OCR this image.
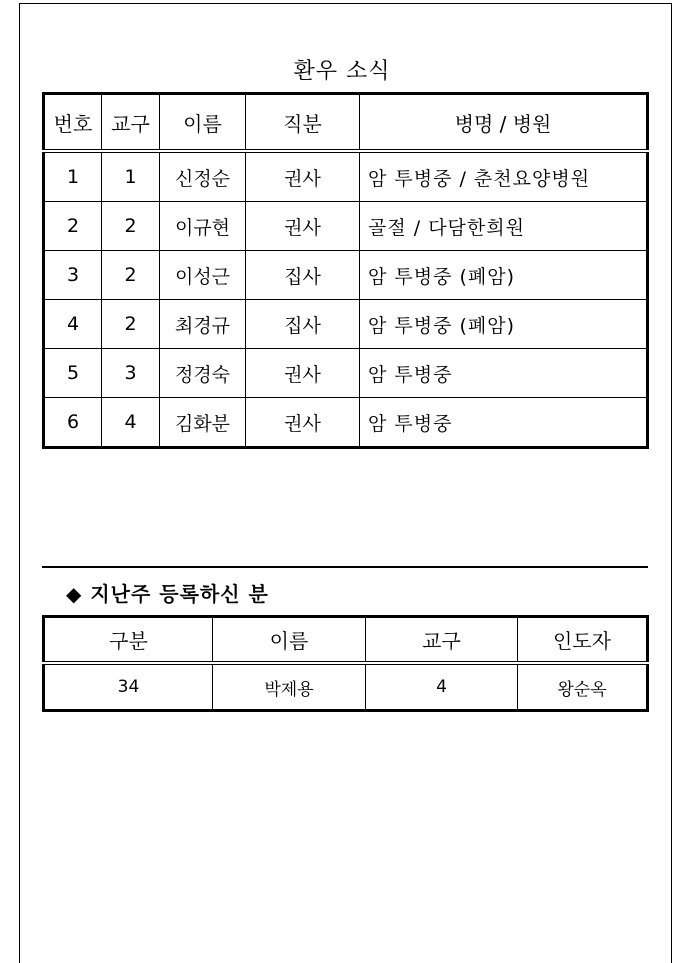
환우 소식
번호	교구	이름	직분	병명 / 병원
1	1	신정순	권사	암 투병중 / 춘천요양병원
2	2	이규현	권사	골절 / 다담한희원
3	2	이성근	집사	암 투병중 (폐암)
4	2	최경규	집사	암 투병중 (폐암)
5	3	정경숙	권사	암 투병중
6	4	김화분	권사	암 투병중
◆ 지난주 등록하신 분
구분	이름	교구	인도자
34	박제용	4	왕순옥
